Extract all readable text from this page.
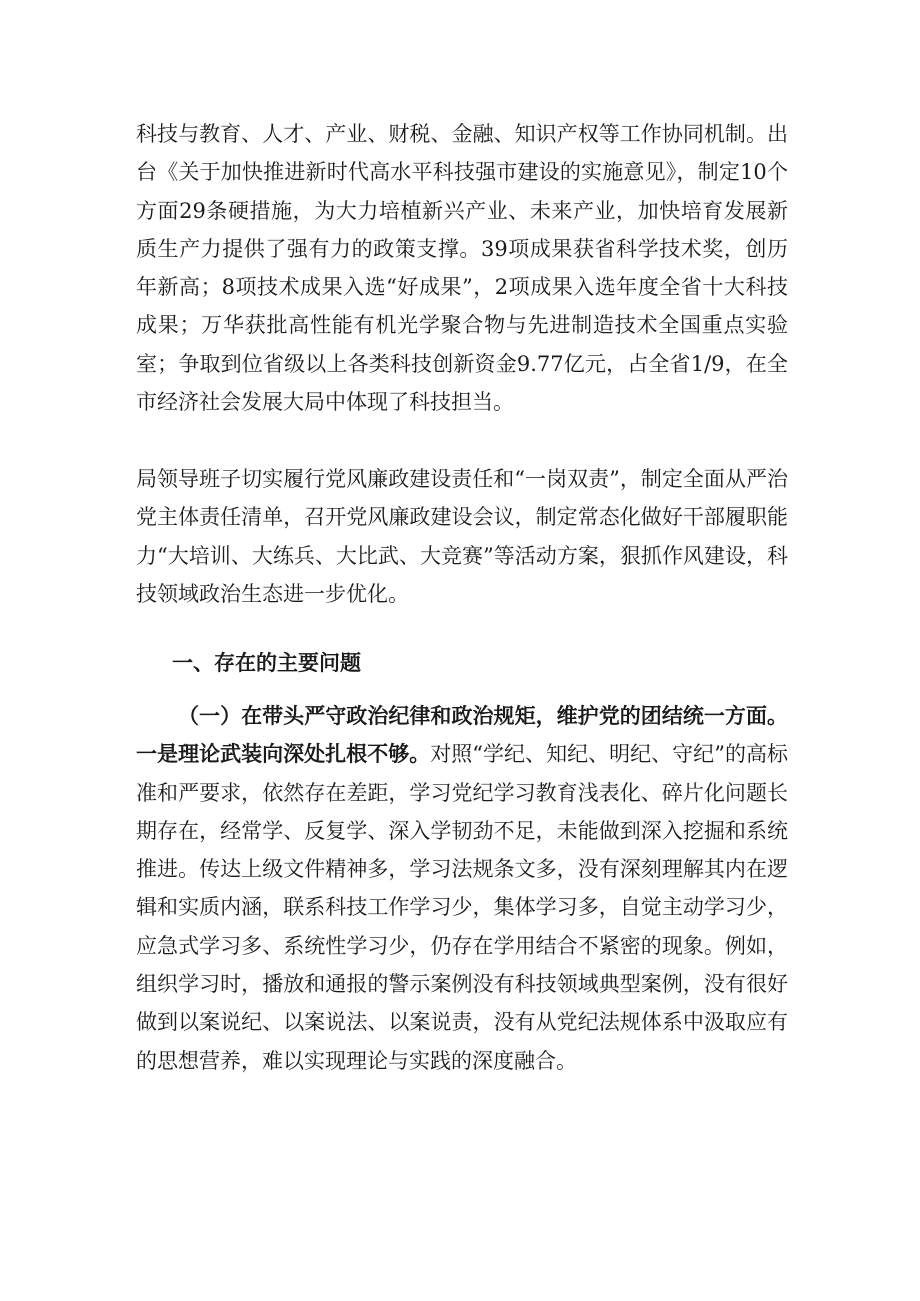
科技与教育、人才、产业、财税、金融、知识产权等工作协同机制。出台《关于加快推进新时代高水平科技强市建设的实施意见》，制定10个方面29条硬措施，为大力培植新兴产业、未来产业，加快培育发展新质生产力提供了强有力的政策支撑。39项成果获省科学技术奖，创历年新高；8项技术成果入选“好成果”，2项成果入选年度全省十大科技成果；万华获批高性能有机光学聚合物与先进制造技术全国重点实验室；争取到位省级以上各类科技创新资金9.77亿元，占全省1/9，在全市经济社会发展大局中体现了科技担当。

局领导班子切实履行党风廉政建设责任和“一岗双责”，制定全面从严治党主体责任清单，召开党风廉政建设会议，制定常态化做好干部履职能力“大培训、大练兵、大比武、大竞赛”等活动方案，狠抓作风建设，科技领域政治生态进一步优化。

一、存在的主要问题

（一）在带头严守政治纪律和政治规矩，维护党的团结统一方面。一是理论武装向深处扎根不够。对照“学纪、知纪、明纪、守纪”的高标准和严要求，依然存在差距，学习党纪学习教育浅表化、碎片化问题长期存在，经常学、反复学、深入学韧劲不足，未能做到深入挖掘和系统推进。传达上级文件精神多，学习法规条文多，没有深刻理解其内在逻辑和实质内涵，联系科技工作学习少，集体学习多，自觉主动学习少，应急式学习多、系统性学习少，仍存在学用结合不紧密的现象。例如，组织学习时，播放和通报的警示案例没有科技领域典型案例，没有很好做到以案说纪、以案说法、以案说责，没有从党纪法规体系中汲取应有的思想营养，难以实现理论与实践的深度融合。
